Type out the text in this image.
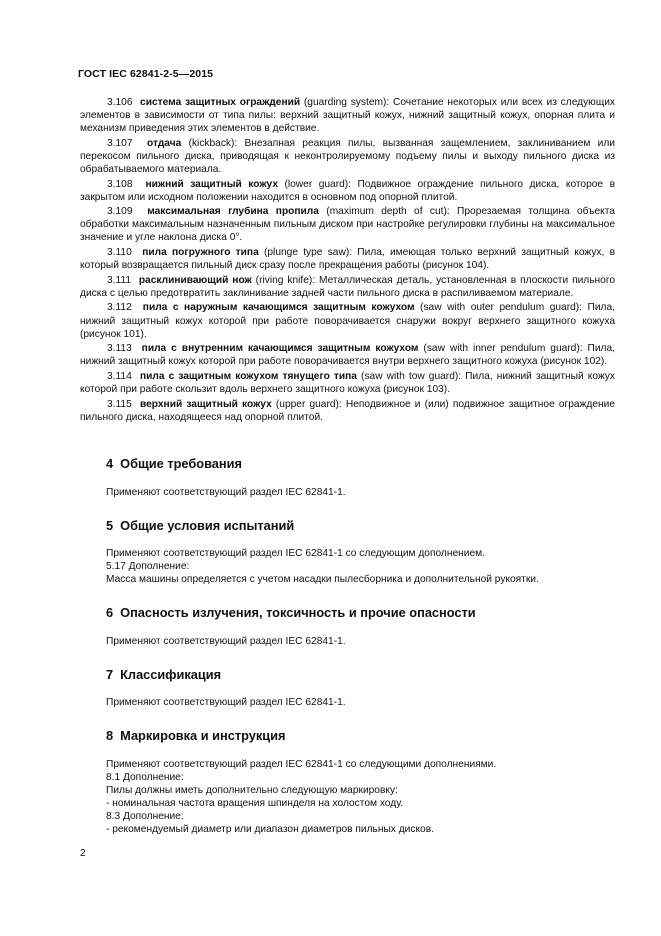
ГОСТ IEC 62841-2-5—2015

3.106 система защитных ограждений (guarding system): Сочетание некоторых или всех из следующих элементов в зависимости от типа пилы: верхний защитный кожух, нижний защитный кожух, опорная плита и механизм приведения этих элементов в действие.

3.107 отдача (kickback): Внезапная реакция пилы, вызванная защемлением, заклиниванием или перекосом пильного диска, приводящая к неконтролируемому подъему пилы и выходу пильного диска из обрабатываемого материала.

3.108 нижний защитный кожух (lower guard): Подвижное ограждение пильного диска, которое в закрытом или исходном положении находится в основном под опорной плитой.

3.109 максимальная глубина пропила (maximum depth of cut): Прорезаемая толщина объекта обработки максимальным назначенным пильным диском при настройке регулировки глубины на максимальное значение и угле наклона диска 0°.

3.110 пила погружного типа (plunge type saw): Пила, имеющая только верхний защитный кожух, в который возвращается пильный диск сразу после прекращения работы (рисунок 104).

3.111 расклинивающий нож (riving knife): Металлическая деталь, установленная в плоскости пильного диска с целью предотвратить заклинивание задней части пильного диска в распиливаемом материале.

3.112 пила с наружным качающимся защитным кожухом (saw with outer pendulum guard): Пила, нижний защитный кожух которой при работе поворачивается снаружи вокруг верхнего защитного кожуха (рисунок 101).

3.113 пила с внутренним качающимся защитным кожухом (saw with inner pendulum guard): Пила, нижний защитный кожух которой при работе поворачивается внутри верхнего защитного кожуха (рисунок 102).

3.114 пила с защитным кожухом тянущего типа (saw with tow guard): Пила, нижний защитный кожух которой при работе скользит вдоль верхнего защитного кожуха (рисунок 103).

3.115 верхний защитный кожух (upper guard): Неподвижное и (или) подвижное защитное ограждение пильного диска, находящееся над опорной плитой.

4 Общие требования
Применяют соответствующий раздел IEC 62841-1.
5 Общие условия испытаний
Применяют соответствующий раздел IEC 62841-1 со следующим дополнением.
5.17 Дополнение:
Масса машины определяется с учетом насадки пылесборника и дополнительной рукоятки.
6 Опасность излучения, токсичность и прочие опасности
Применяют соответствующий раздел IEC 62841-1.
7 Классификация
Применяют соответствующий раздел IEC 62841-1.
8 Маркировка и инструкция
Применяют соответствующий раздел IEC 62841-1 со следующими дополнениями.
8.1 Дополнение:
Пилы должны иметь дополнительно следующую маркировку:
- номинальная частота вращения шпинделя на холостом ходу.
8.3 Дополнение:
- рекомендуемый диаметр или диапазон диаметров пильных дисков.
2
